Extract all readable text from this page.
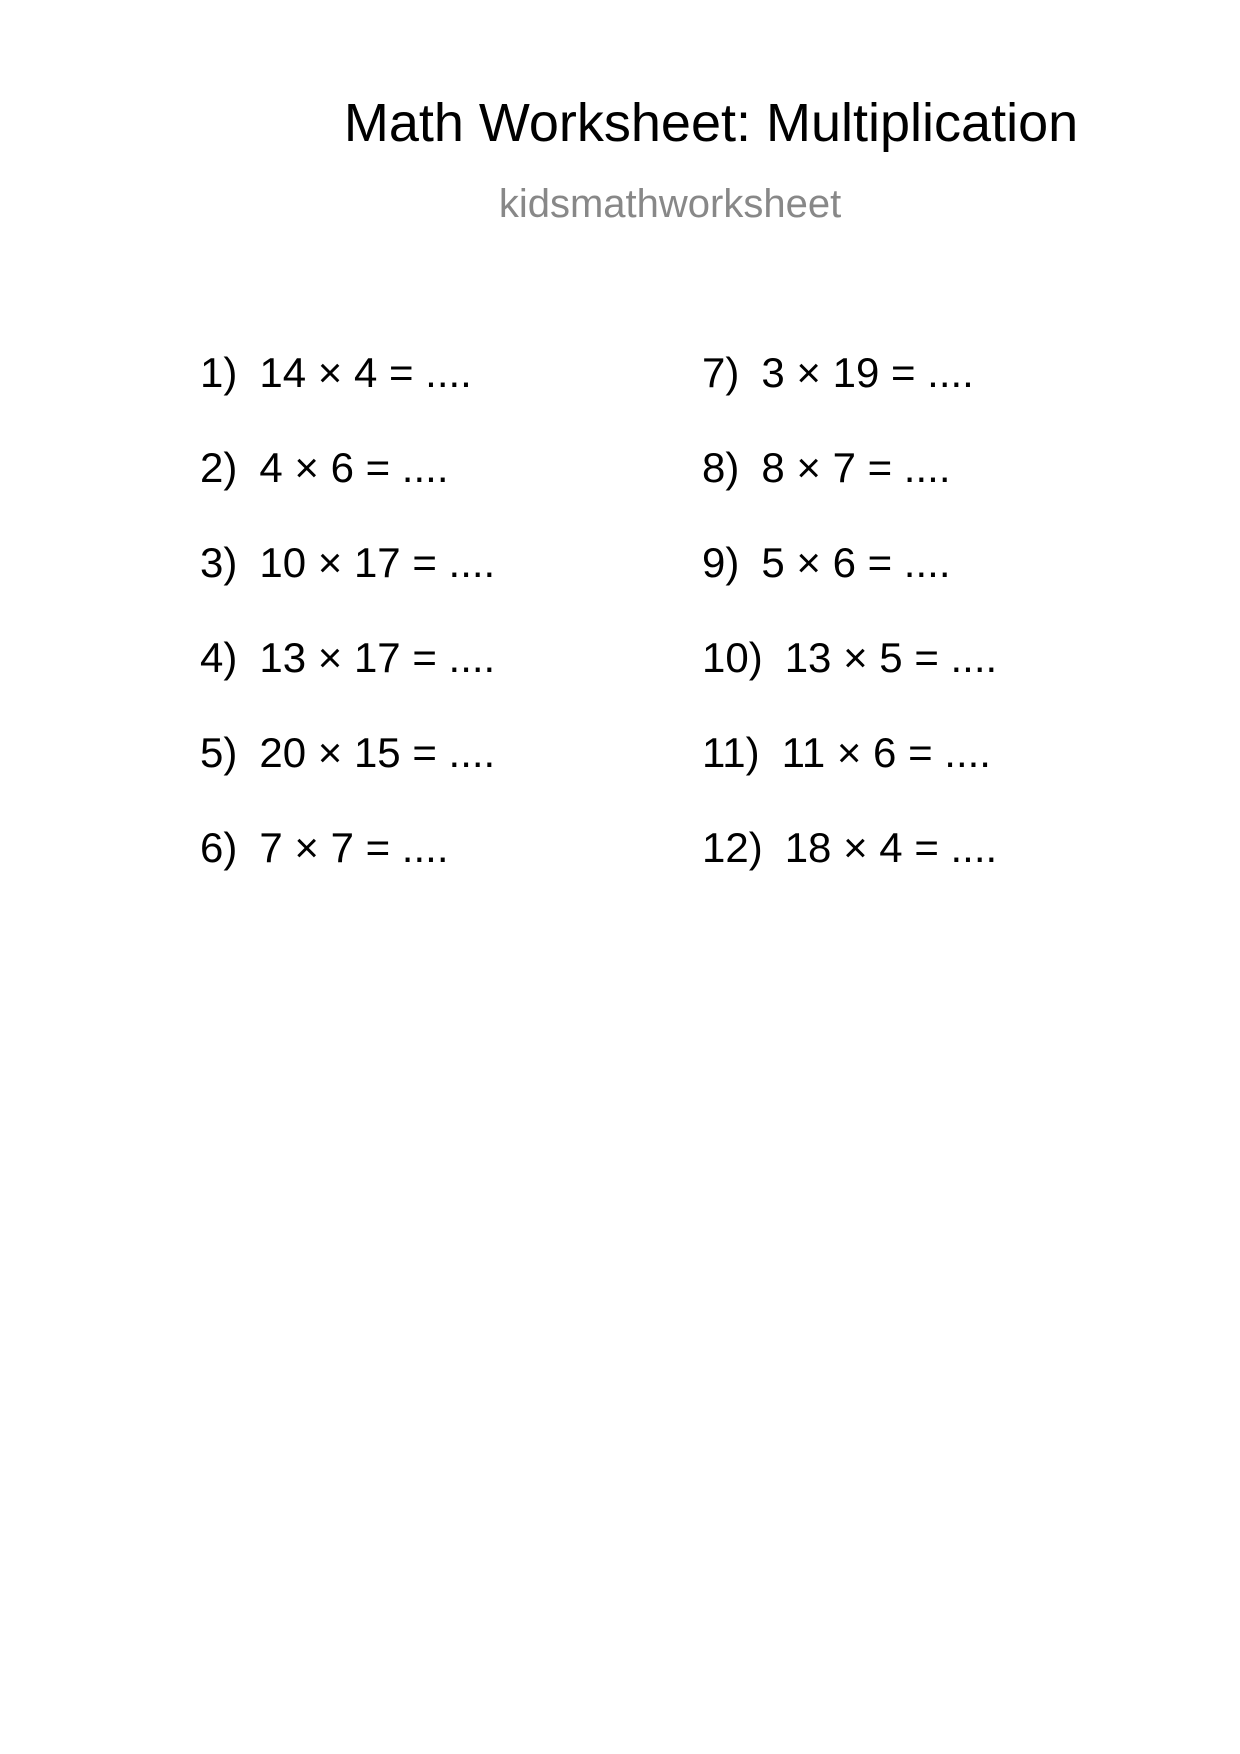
Math Worksheet: Multiplication
kidsmathworksheet
1) 14 × 4 = ....
2) 4 × 6 = ....
3) 10 × 17 = ....
4) 13 × 17 = ....
5) 20 × 15 = ....
6) 7 × 7 = ....
7) 3 × 19 = ....
8) 8 × 7 = ....
9) 5 × 6 = ....
10) 13 × 5 = ....
11) 11 × 6 = ....
12) 18 × 4 = ....
